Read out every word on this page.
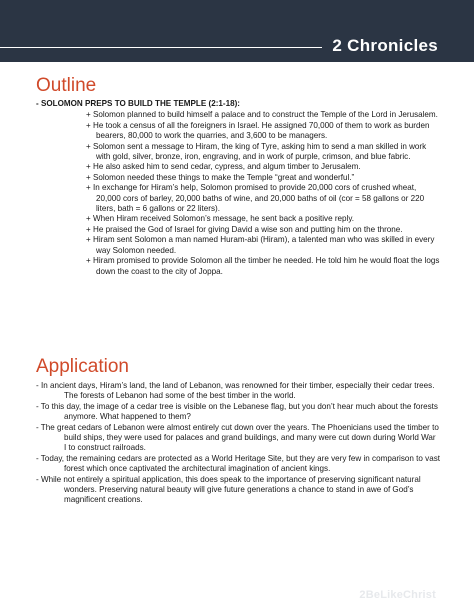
2 Chronicles
Outline
- SOLOMON PREPS TO BUILD THE TEMPLE (2:1-18):
+ Solomon planned to build himself a palace and to construct the Temple of the Lord in Jerusalem.
+ He took a census of all the foreigners in Israel. He assigned 70,000 of them to work as burden bearers, 80,000 to work the quarries, and 3,600 to be managers.
+ Solomon sent a message to Hiram, the king of Tyre, asking him to send a man skilled in work with gold, silver, bronze, iron, engraving, and in work of purple, crimson, and blue fabric.
+ He also asked him to send cedar, cypress, and algum timber to Jerusalem.
+ Solomon needed these things to make the Temple “great and wonderful.”
+ In exchange for Hiram’s help, Solomon promised to provide 20,000 cors of crushed wheat, 20,000 cors of barley, 20,000 baths of wine, and 20,000 baths of oil (cor = 58 gallons or 220 liters, bath = 6 gallons or 22 liters).
+ When Hiram received Solomon’s message, he sent back a positive reply.
+ He praised the God of Israel for giving David a wise son and putting him on the throne.
+ Hiram sent Solomon a man named Huram-abi (Hiram), a talented man who was skilled in every way Solomon needed.
+ Hiram promised to provide Solomon all the timber he needed. He told him he would float the logs down the coast to the city of Joppa.
Application
- In ancient days, Hiram’s land, the land of Lebanon, was renowned for their timber, especially their cedar trees. The forests of Lebanon had some of the best timber in the world.
- To this day, the image of a cedar tree is visible on the Lebanese flag, but you don’t hear much about the forests anymore. What happened to them?
- The great cedars of Lebanon were almost entirely cut down over the years. The Phoenicians used the timber to build ships, they were used for palaces and grand buildings, and many were cut down during World War I to construct railroads.
- Today, the remaining cedars are protected as a World Heritage Site, but they are very few in comparison to vast forest which once captivated the architectural imagination of ancient kings.
- While not entirely a spiritual application, this does speak to the importance of preserving significant natural wonders. Preserving natural beauty will give future generations a chance to stand in awe of God’s magnificent creations.
2BeLikeChrist
